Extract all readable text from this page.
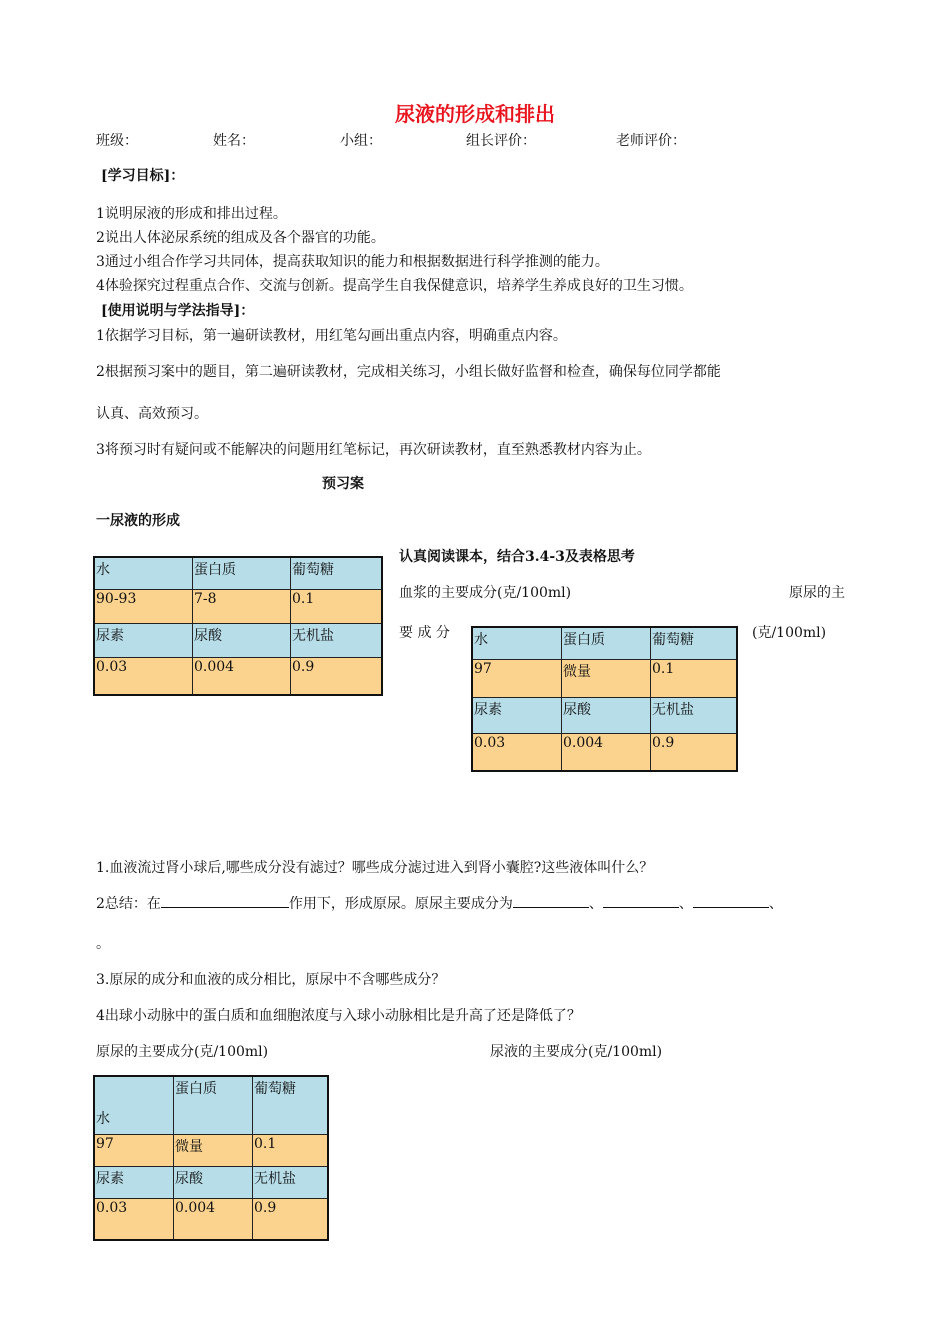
尿液的形成和排出
班级：	姓名：	小组：	组长评价：	老师评价：
[学习目标]：
1说明尿液的形成和排出过程。
2说出人体泌尿系统的组成及各个器官的功能。
3通过小组合作学习共同体，提高获取知识的能力和根据数据进行科学推测的能力。
4体验探究过程重点合作、交流与创新。提高学生自我保健意识，培养学生养成良好的卫生习惯。
[使用说明与学法指导]：
1依据学习目标，第一遍研读教材，用红笔勾画出重点内容，明确重点内容。
2根据预习案中的题目，第二遍研读教材，完成相关练习，小组长做好监督和检查，确保每位同学都能
认真、高效预习。
3将预习时有疑问或不能解决的问题用红笔标记，再次研读教材，直至熟悉教材内容为止。
预习案
一尿液的形成
认真阅读课本，结合3.4-3及表格思考
血浆的主要成分(克/100ml)	原尿的主
要 成 分	(克/100ml)
水	蛋白质	葡萄糖
90-93	7-8	0.1
尿素	尿酸	无机盐
0.03	0.004	0.9
水	蛋白质	葡萄糖
97	微量	0.1
尿素	尿酸	无机盐
0.03	0.004	0.9
1.血液流过肾小球后,哪些成分没有滤过？哪些成分滤过进入到肾小囊腔?这些液体叫什么？
2总结：在	作用下，形成原尿。原尿主要成分为	、	、	、
。
3.原尿的成分和血液的成分相比，原尿中不含哪些成分？
4出球小动脉中的蛋白质和血细胞浓度与入球小动脉相比是升高了还是降低了？
原尿的主要成分(克/100ml)	尿液的主要成分(克/100ml)
水	蛋白质	葡萄糖
97	微量	0.1
尿素	尿酸	无机盐
0.03	0.004	0.9
